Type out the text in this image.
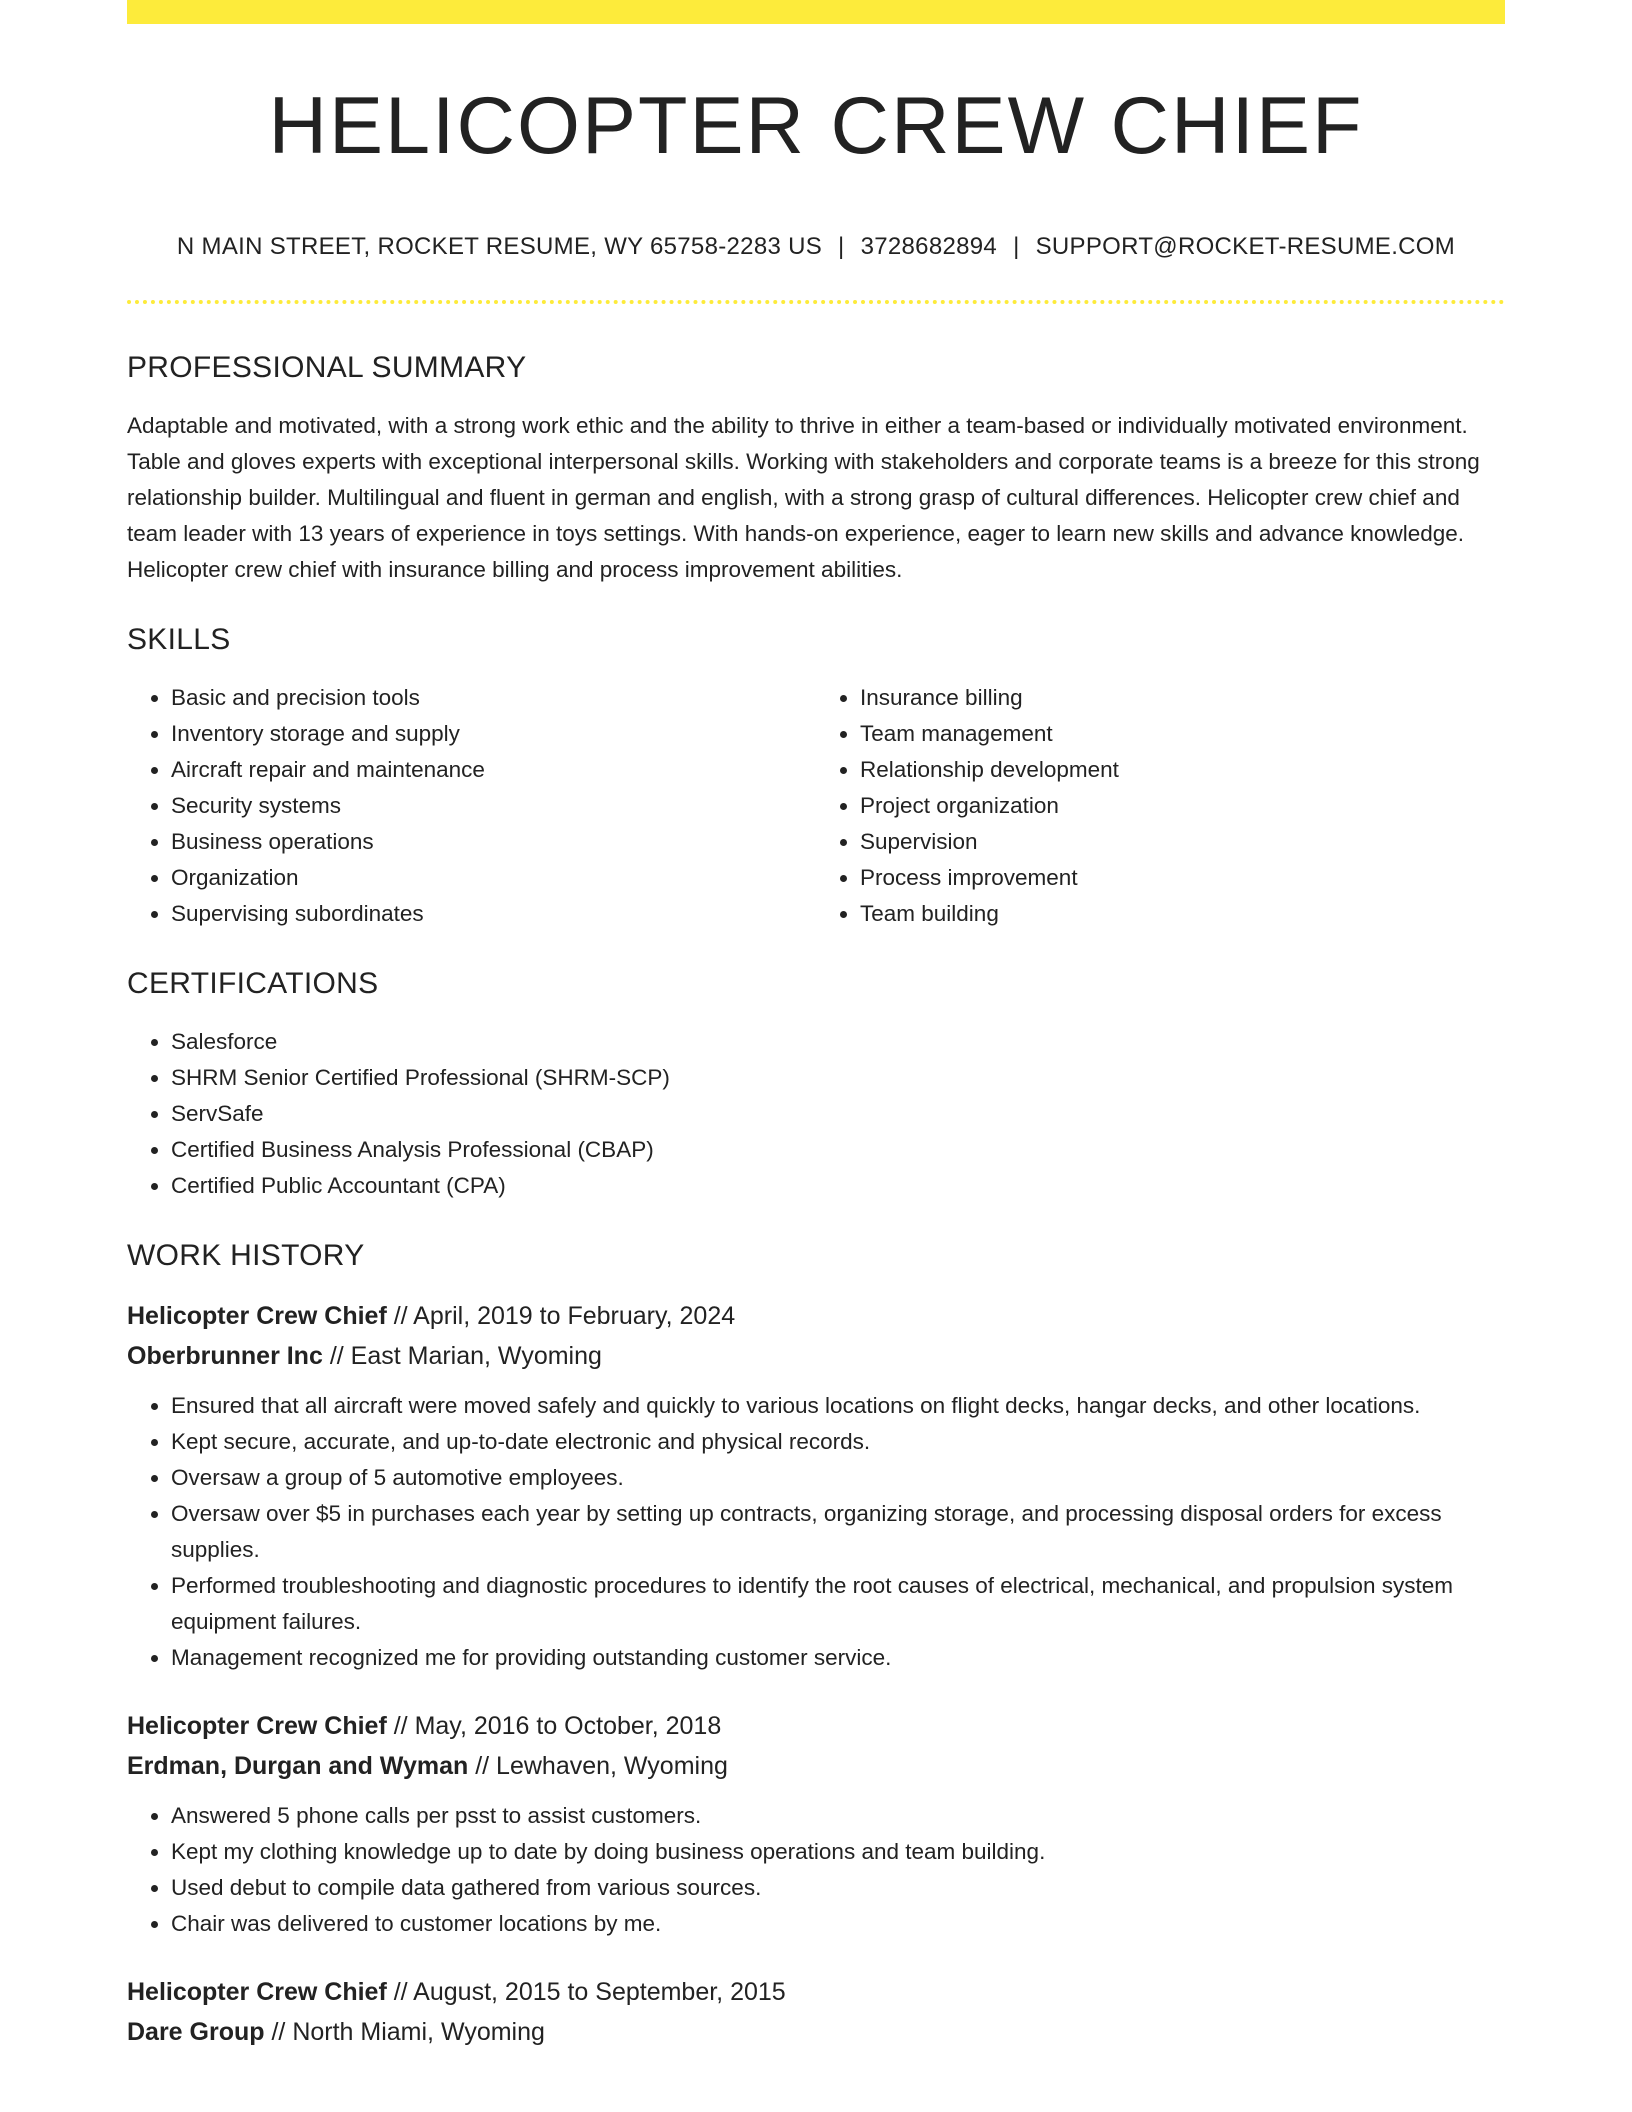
HELICOPTER CREW CHIEF
N MAIN STREET, ROCKET RESUME, WY 65758-2283 US | 3728682894 | SUPPORT@ROCKET-RESUME.COM
PROFESSIONAL SUMMARY

Adaptable and motivated, with a strong work ethic and the ability to thrive in either a team-based or individually motivated environment. Table and gloves experts with exceptional interpersonal skills. Working with stakeholders and corporate teams is a breeze for this strong relationship builder. Multilingual and fluent in german and english, with a strong grasp of cultural differences. Helicopter crew chief and team leader with 13 years of experience in toys settings. With hands-on experience, eager to learn new skills and advance knowledge. Helicopter crew chief with insurance billing and process improvement abilities.

SKILLS
• Basic and precision tools
• Inventory storage and supply
• Aircraft repair and maintenance
• Security systems
• Business operations
• Organization
• Supervising subordinates
• Insurance billing
• Team management
• Relationship development
• Project organization
• Supervision
• Process improvement
• Team building
CERTIFICATIONS
• Salesforce
• SHRM Senior Certified Professional (SHRM-SCP)
• ServSafe
• Certified Business Analysis Professional (CBAP)
• Certified Public Accountant (CPA)
WORK HISTORY
Helicopter Crew Chief // April, 2019 to February, 2024
Oberbrunner Inc // East Marian, Wyoming
• Ensured that all aircraft were moved safely and quickly to various locations on flight decks, hangar decks, and other locations.
• Kept secure, accurate, and up-to-date electronic and physical records.
• Oversaw a group of 5 automotive employees.
• Oversaw over $5 in purchases each year by setting up contracts, organizing storage, and processing disposal orders for excess supplies.
• Performed troubleshooting and diagnostic procedures to identify the root causes of electrical, mechanical, and propulsion system equipment failures.
• Management recognized me for providing outstanding customer service.
Helicopter Crew Chief // May, 2016 to October, 2018
Erdman, Durgan and Wyman // Lewhaven, Wyoming
• Answered 5 phone calls per psst to assist customers.
• Kept my clothing knowledge up to date by doing business operations and team building.
• Used debut to compile data gathered from various sources.
• Chair was delivered to customer locations by me.
Helicopter Crew Chief // August, 2015 to September, 2015
Dare Group // North Miami, Wyoming
